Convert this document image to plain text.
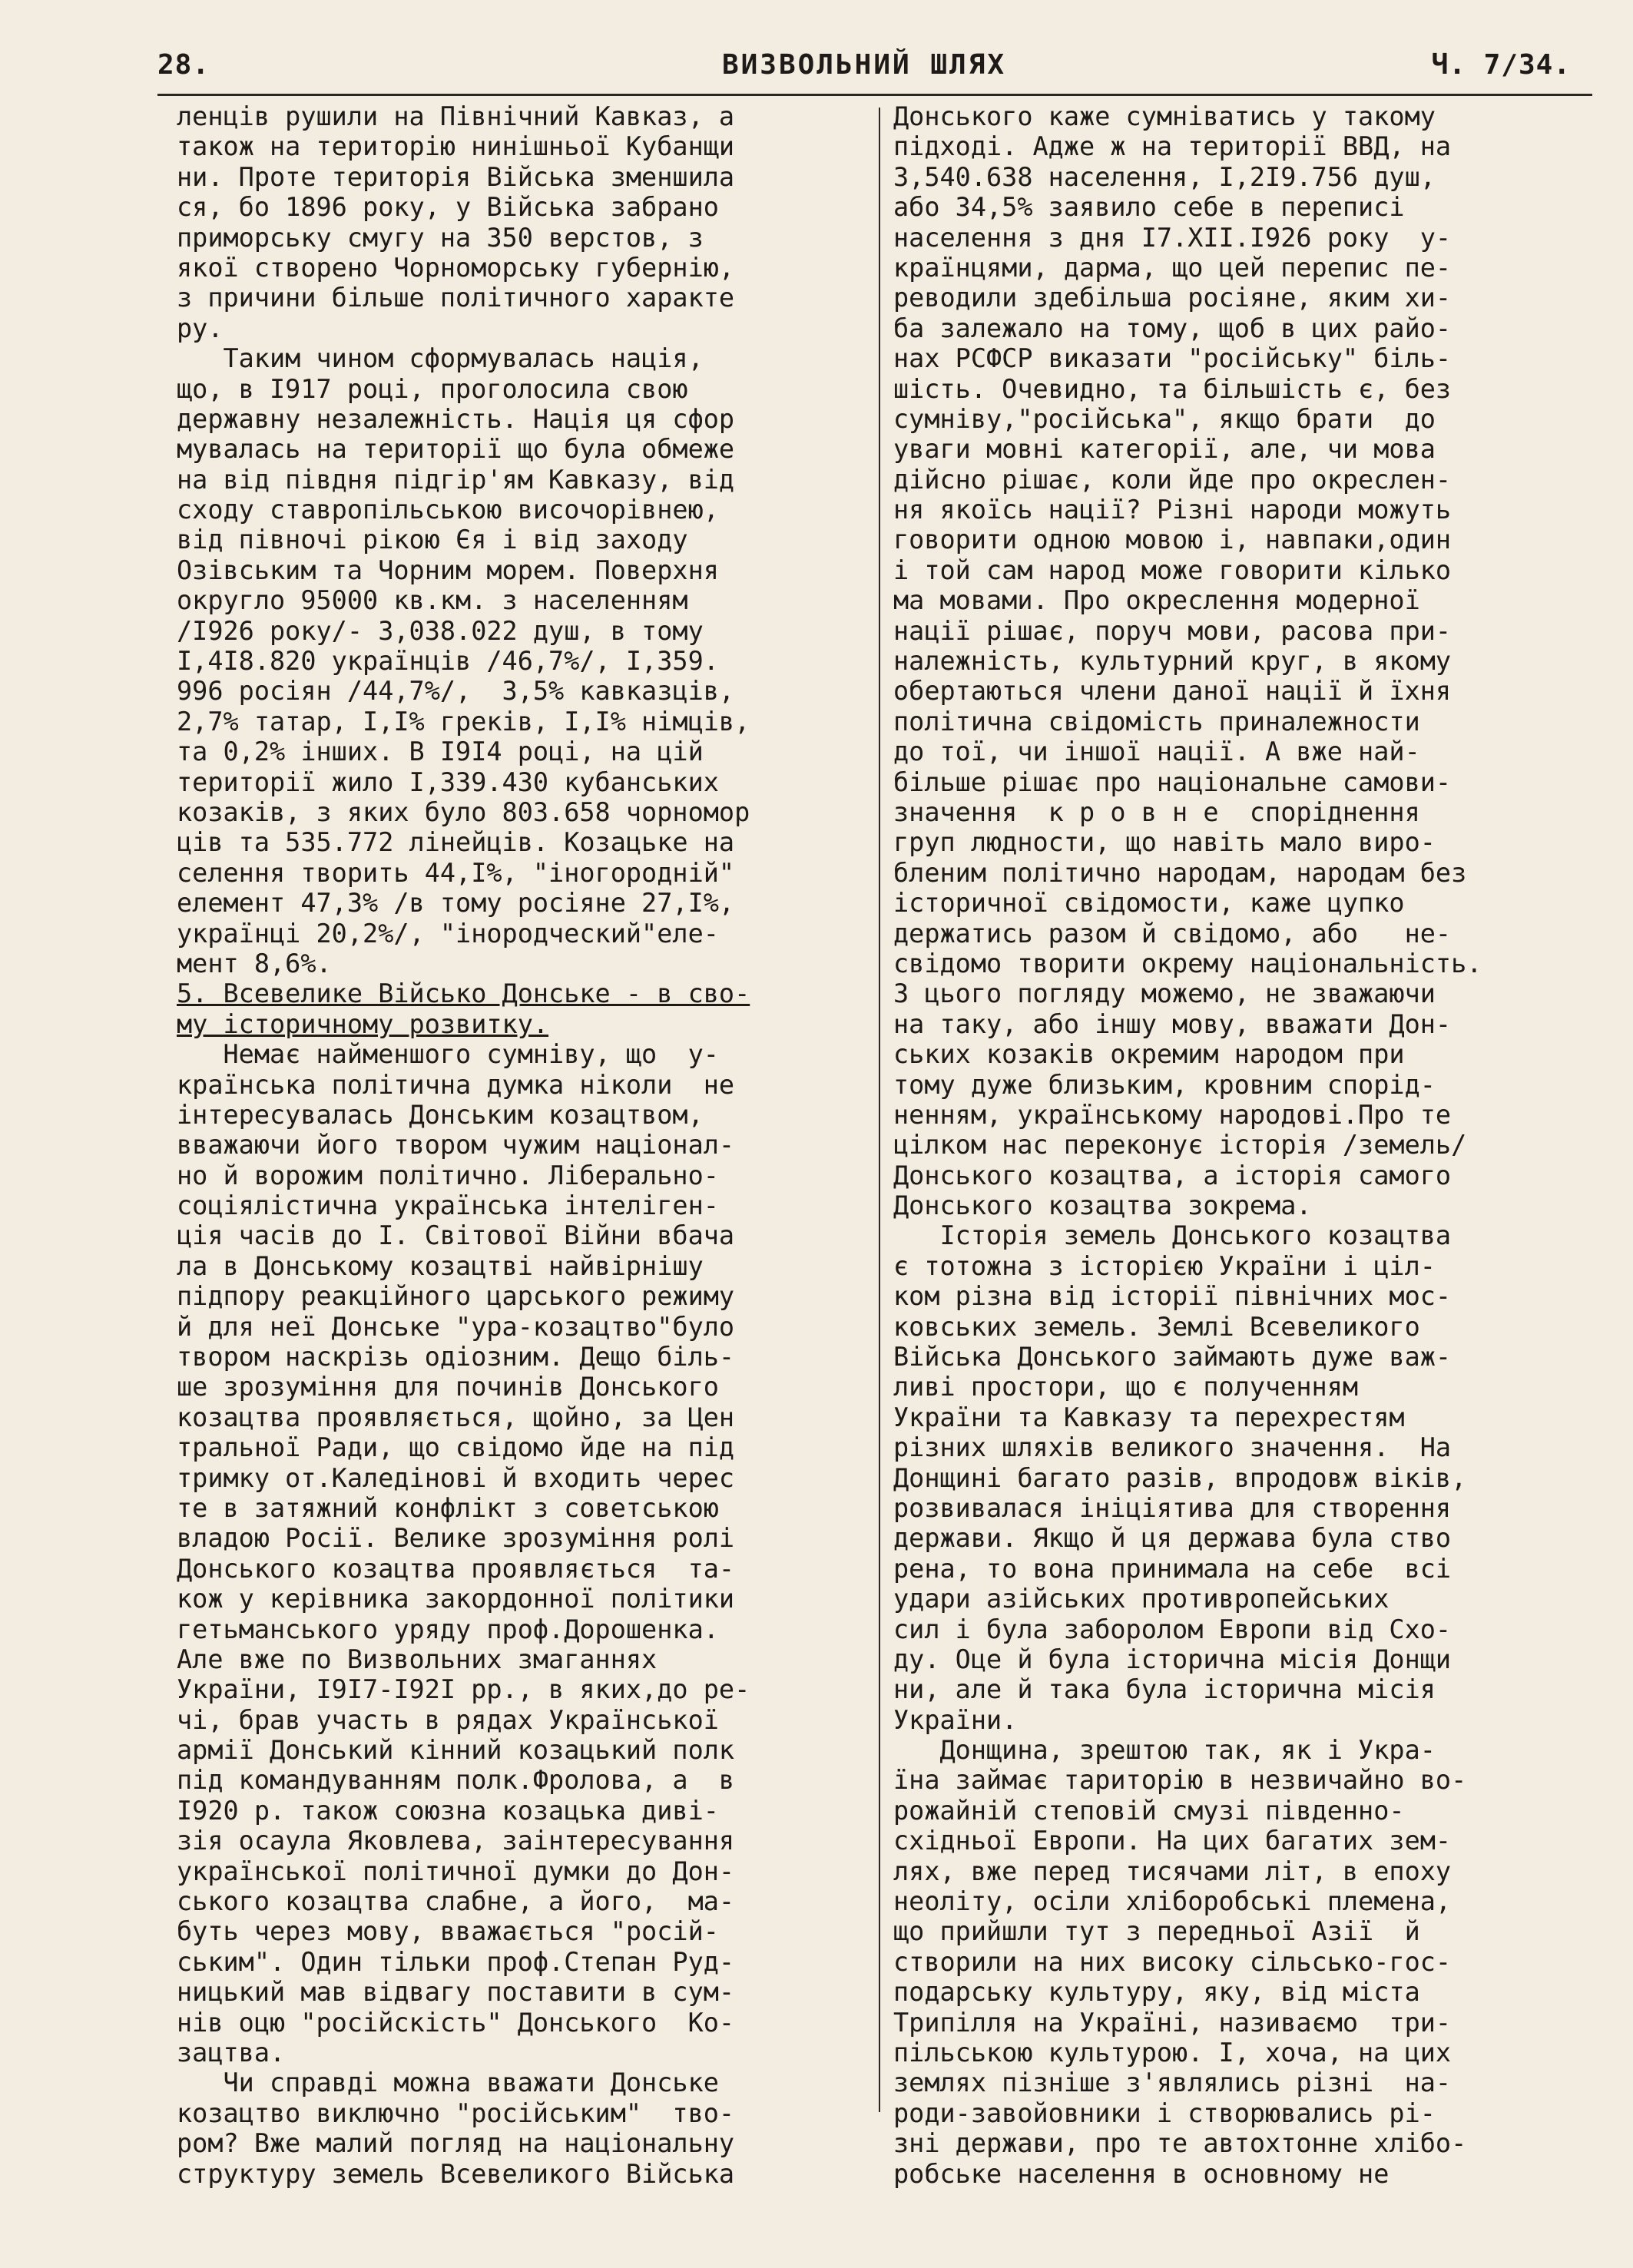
28.	ВИЗВОЛЬНИЙ ШЛЯХ	Ч. 7/34.
ленців рушили на Північний Кавказ, а
також на територію нинішньої Кубанщи
ни. Проте територія Війська зменшила
ся, бо 1896 року, у Війська забрано
приморську смугу на 350 верстов, з
якої створено Чорноморську губернію,
з причини більше політичного характе
ру.
Таким чином сформувалась нація,
що, в I917 році, проголосила свою
державну незалежність. Нація ця сфор
мувалась на території що була обмеже
на від півдня підгір'ям Кавказу, від
сходу ставропільською височорівнею,
від півночі рікою Єя і від заходу
Озівським та Чорним морем. Поверхня
округло 95000 кв.км. з населенням
/I926 року/- 3,038.022 душ, в тому
I,4I8.820 українців /46,7%/, I,359.
996 росіян /44,7%/,  3,5% кавказців,
2,7% татар, I,I% греків, I,I% німців,
та 0,2% інших. В I9I4 році, на цій
території жило I,339.430 кубанських
козаків, з яких було 803.658 чорномор
ців та 535.772 лінейців. Козацьке на
селення творить 44,I%, "іногородній"
елемент 47,3% /в тому росіяне 27,I%,
українці 20,2%/, "інородческий"еле-
мент 8,6%.
5. Всевелике Військо Донське - в сво-
му історичному розвитку.
Немає найменшого сумніву, що  у-
країнська політична думка ніколи  не
інтересувалась Донським козацтвом,
вважаючи його твором чужим націонал-
но й ворожим політично. Ліберально-
соціялістична українська інтеліген-
ція часів до I. Світової Війни вбача
ла в Донському козацтві найвірнішу
підпору реакційного царського режиму
й для неї Донське "ура-козацтво"було
твором наскрізь одіозним. Дещо біль-
ше зрозуміння для починів Донського
козацтва проявляється, щойно, за Цен
тральної Ради, що свідомо йде на під
тримку от.Каледінові й входить черес
те в затяжний конфлікт з советською
владою Росії. Велике зрозуміння ролі
Донського козацтва проявляється  та-
кож у керівника закордонної політики
гетьманського уряду проф.Дорошенка.
Але вже по Визвольних змаганнях
України, I9I7-I92I рр., в яких,до ре-
чі, брав участь в рядах Української
армії Донський кінний козацький полк
під командуванням полк.Фролова, а  в
I920 р. також союзна козацька диві-
зія осаула Яковлева, заінтересування
української політичної думки до Дон-
ського козацтва слабне, а його,  ма-
буть через мову, вважається "росій-
ським". Один тільки проф.Степан Руд-
ницький мав відвагу поставити в сум-
нів оцю "російскість" Донського  Ко-
зацтва.
Чи справді можна вважати Донське
козацтво виключно "російським"  тво-
ром? Вже малий погляд на національну
структуру земель Всевеликого Війська
Донського каже сумніватись у такому
підході. Адже ж на території ВВД, на
3,540.638 населення, I,2I9.756 душ,
або 34,5% заявило себе в переписі
населення з дня I7.XII.I926 року  у-
країнцями, дарма, що цей перепис пе-
реводили здебільша росіяне, яким хи-
ба залежало на тому, щоб в цих райо-
нах РСФСР виказати "російську" біль-
шість. Очевидно, та більшість є, без
сумніву,"російська", якщо брати  до
уваги мовні категорії, але, чи мова
дійсно рішає, коли йде про окреслен-
ня якоїсь нації? Різні народи можуть
говорити одною мовою і, навпаки,один
і той сам народ може говорити кілько
ма мовами. Про окреслення модерної
нації рішає, поруч мови, расова при-
належність, культурний круг, в якому
обертаються члени даної нації й їхня
політична свідомість приналежности
до тої, чи іншої нації. А вже най-
більше рішає про національне самови-
значення  к р о в н е  споріднення
груп людности, що навіть мало виро-
бленим політично народам, народам без
історичної свідомости, каже цупко
держатись разом й свідомо, або   не-
свідомо творити окрему національність.
З цього погляду можемо, не зважаючи
на таку, або іншу мову, вважати Дон-
ських козаків окремим народом при
тому дуже близьким, кровним спорід-
ненням, українському народові.Про те
цілком нас переконує історія /земель/
Донського козацтва, а історія самого
Донського козацтва зокрема.
Історія земель Донського козацтва
є тотожна з історією України і ціл-
ком різна від історії північних мос-
ковських земель. Землі Всевеликого
Війська Донського займають дуже важ-
ливі простори, що є полученням
України та Кавказу та перехрестям
різних шляхів великого значення.  На
Донщині багато разів, впродовж віків,
розвивалася ініціятива для створення
держави. Якщо й ця держава була ство
рена, то вона принимала на себе  всі
удари азійських противропейських
сил і була заборолом Европи від Схо-
ду. Оце й була історична місія Донщи
ни, але й така була історична місія
України.
Донщина, зрештою так, як і Укра-
їна займає тариторію в незвичайно во-
рожайній степовій смузі південно-
східньої Европи. На цих багатих зем-
лях, вже перед тисячами літ, в епоху
неоліту, осіли хліборобські племена,
що прийшли тут з передньої Азії  й
створили на них високу сільсько-гос-
подарську культуру, яку, від міста
Трипілля на Україні, називаємо  три-
пільською культурою. І, хоча, на цих
землях пізніше з'являлись різні  на-
роди-завойовники і створювались рі-
зні держави, про те автохтонне хлібо-
робське населення в основному не
